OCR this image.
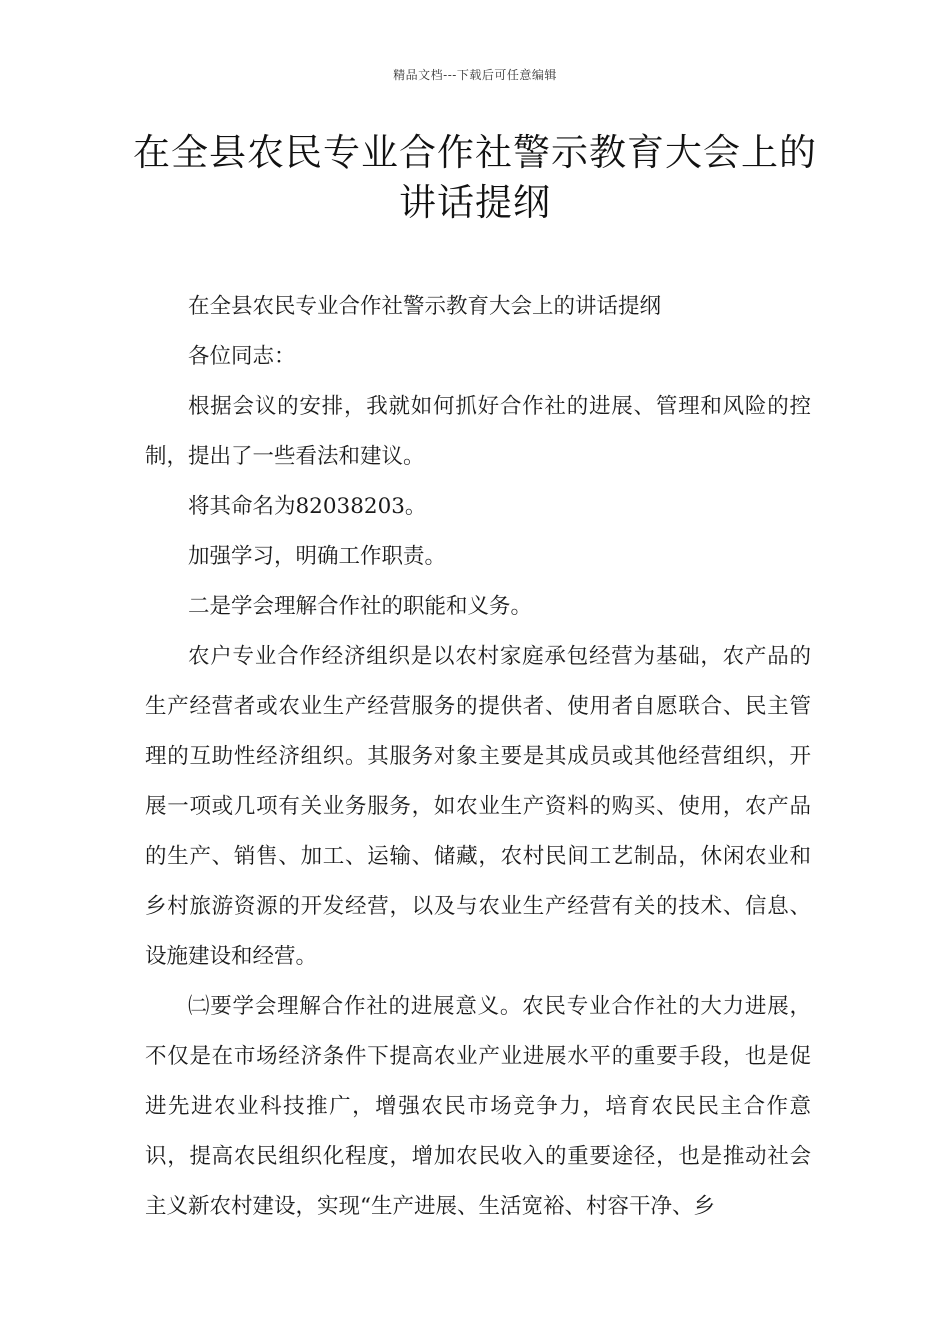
精品文档---下载后可任意编辑
在全县农民专业合作社警示教育大会上的讲话提纲

在全县农民专业合作社警示教育大会上的讲话提纲

各位同志：

根据会议的安排，我就如何抓好合作社的进展、管理和风险的控制，提出了一些看法和建议。

将其命名为82038203。

加强学习，明确工作职责。

二是学会理解合作社的职能和义务。

农户专业合作经济组织是以农村家庭承包经营为基础，农产品的生产经营者或农业生产经营服务的提供者、使用者自愿联合、民主管理的互助性经济组织。其服务对象主要是其成员或其他经营组织，开展一项或几项有关业务服务，如农业生产资料的购买、使用，农产品的生产、销售、加工、运输、储藏，农村民间工艺制品，休闲农业和乡村旅游资源的开发经营，以及与农业生产经营有关的技术、信息、设施建设和经营。

㈡要学会理解合作社的进展意义。农民专业合作社的大力进展，不仅是在市场经济条件下提高农业产业进展水平的重要手段，也是促进先进农业科技推广，增强农民市场竞争力，培育农民民主合作意识，提高农民组织化程度，增加农民收入的重要途径，也是推动社会主义新农村建设，实现“生产进展、生活宽裕、村容干净、乡
